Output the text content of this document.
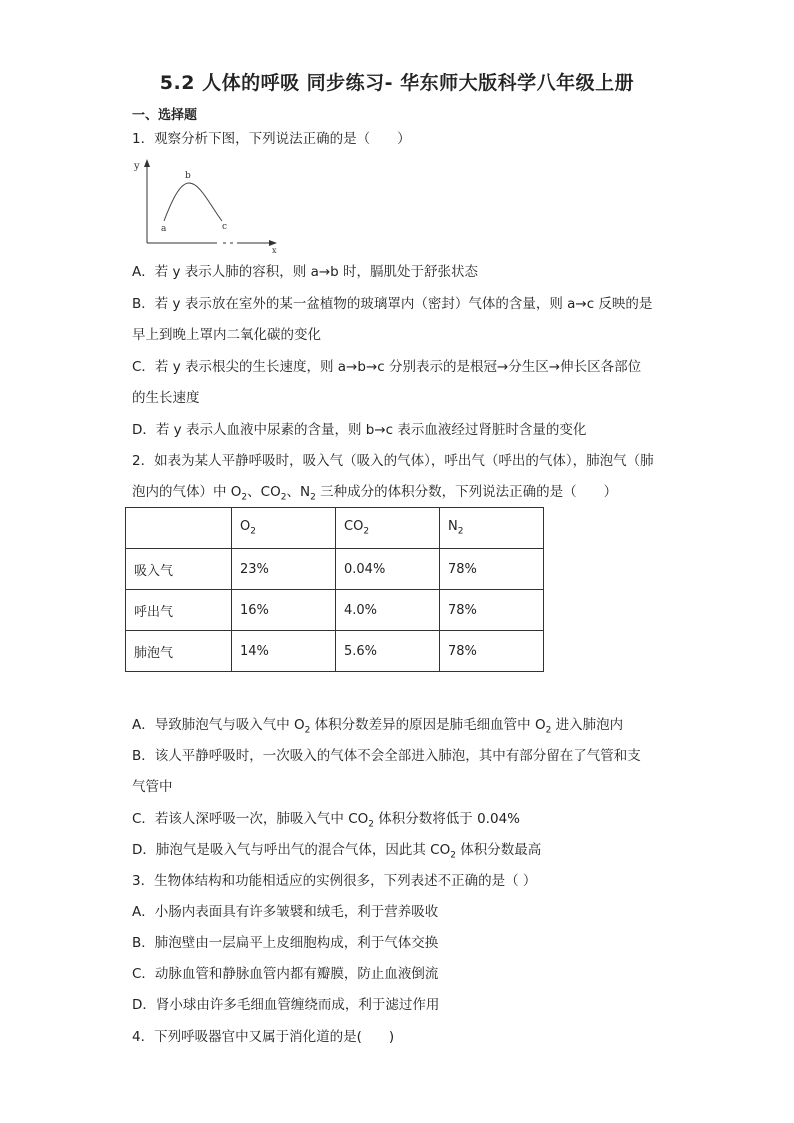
5.2 人体的呼吸 同步练习- 华东师大版科学八年级上册
一、选择题
1．观察分析下图，下列说法正确的是（　　）
y
x
a
b
c
A．若 y 表示人肺的容积，则 a→b 时，膈肌处于舒张状态
B．若 y 表示放在室外的某一盆植物的玻璃罩内（密封）气体的含量，则 a→c 反映的是
早上到晚上罩内二氧化碳的变化
C．若 y 表示根尖的生长速度，则 a→b→c 分别表示的是根冠→分生区→伸长区各部位
的生长速度
D．若 y 表示人血液中尿素的含量，则 b→c 表示血液经过肾脏时含量的变化
2．如表为某人平静呼吸时，吸入气（吸入的气体），呼出气（呼出的气体），肺泡气（肺
泡内的气体）中 $O_2$、$CO_2$、$N_2$ 三种成分的体积分数，下列说法正确的是（　　）
	$O_2$	$CO_2$	$N_2$
吸入气	23%	0.04%	78%
呼出气	16%	4.0%	78%
肺泡气	14%	5.6%	78%
A．导致肺泡气与吸入气中 $O_2$ 体积分数差异的原因是肺毛细血管中 $O_2$ 进入肺泡内
B．该人平静呼吸时，一次吸入的气体不会全部进入肺泡，其中有部分留在了气管和支
气管中
C．若该人深呼吸一次，肺吸入气中 $CO_2$ 体积分数将低于 0.04%
D．肺泡气是吸入气与呼出气的混合气体，因此其 $CO_2$ 体积分数最高
3．生物体结构和功能相适应的实例很多，下列表述不正确的是（ ）
A．小肠内表面具有许多皱襞和绒毛，利于营养吸收
B．肺泡壁由一层扁平上皮细胞构成，利于气体交换
C．动脉血管和静脉血管内都有瓣膜，防止血液倒流
D．肾小球由许多毛细血管缠绕而成，利于滤过作用
4．下列呼吸器官中又属于消化道的是(　　)
